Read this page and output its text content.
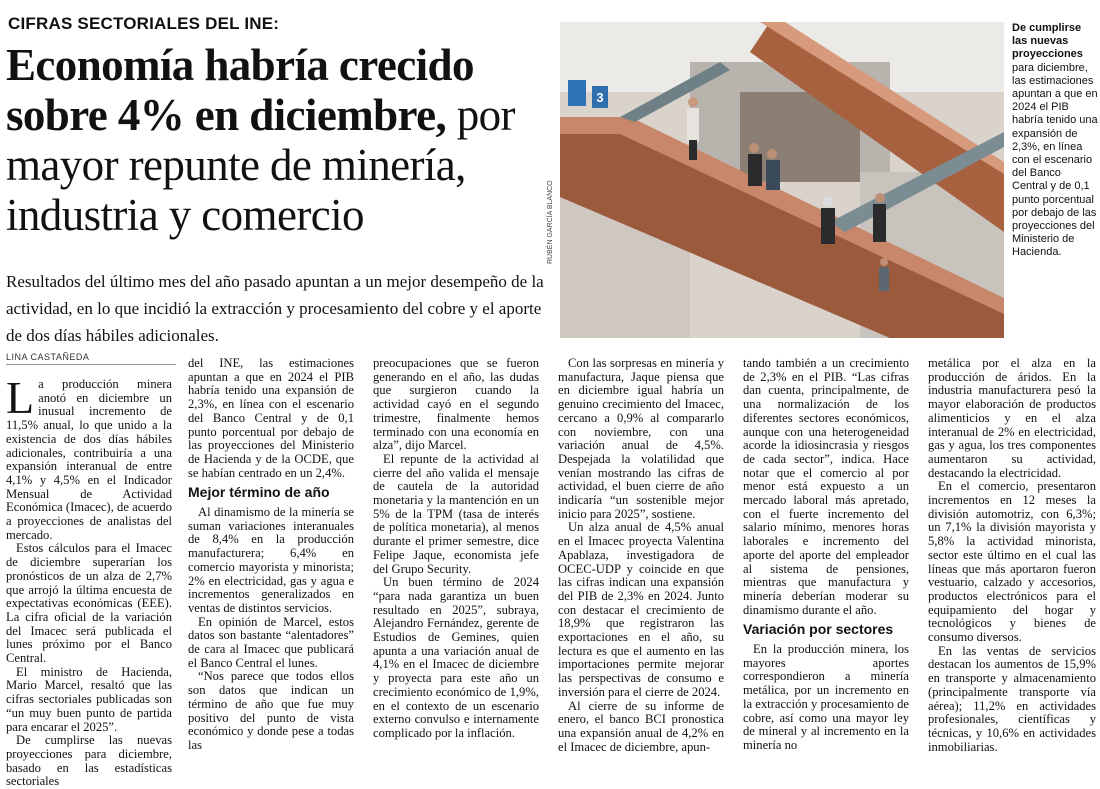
CIFRAS SECTORIALES DEL INE:
Economía habría crecido sobre 4% en diciembre, por mayor repunte de minería, industria y comercio
Resultados del último mes del año pasado apuntan a un mejor desempeño de la actividad, en lo que incidió la extracción y procesamiento del cobre y el aporte de dos días hábiles adicionales.
LINA CASTAÑEDA
3
RUBÉN GARCÍA BLANCO
De cumplirse las nuevas proyecciones
para diciembre, las estimaciones apuntan a que en 2024 el PIB habría tenido una expansión de 2,3%, en línea con el escenario del Banco Central y de 0,1 punto porcentual por debajo de las proyecciones del Ministerio de Hacienda.

La producción minera anotó en diciembre un inusual incremento de 11,5% anual, lo que unido a la existencia de dos días hábiles adicionales, contribuiría a una expansión interanual de entre 4,1% y 4,5% en el Indicador Mensual de Actividad Económica (Imacec), de acuerdo a proyecciones de analistas del mercado.

Estos cálculos para el Imacec de diciembre superarían los pronósticos de un alza de 2,7% que arrojó la última encuesta de expectativas económicas (EEE). La cifra oficial de la variación del Imacec será publicada el lunes próximo por el Banco Central.

El ministro de Hacienda, Mario Marcel, resaltó que las cifras sectoriales publicadas son “un muy buen punto de partida para encarar el 2025”.

De cumplirse las nuevas proyecciones para diciembre, basado en las estadísticas sectoriales

del INE, las estimaciones apuntan a que en 2024 el PIB habría tenido una expansión de 2,3%, en línea con el escenario del Banco Central y de 0,1 punto porcentual por debajo de las proyecciones del Ministerio de Hacienda y de la OCDE, que se habían centrado en un 2,4%.

Mejor término de año

Al dinamismo de la minería se suman variaciones interanuales de 8,4% en la producción manufacturera; 6,4% en comercio mayorista y minorista; 2% en electricidad, gas y agua e incrementos generalizados en ventas de distintos servicios.

En opinión de Marcel, estos datos son bastante “alentadores” de cara al Imacec que publicará el Banco Central el lunes.

“Nos parece que todos ellos son datos que indican un término de año que fue muy positivo del punto de vista económico y donde pese a todas las

preocupaciones que se fueron generando en el año, las dudas que surgieron cuando la actividad cayó en el segundo trimestre, finalmente hemos terminado con una economía en alza”, dijo Marcel.

El repunte de la actividad al cierre del año valida el mensaje de cautela de la autoridad monetaria y la mantención en un 5% de la TPM (tasa de interés de política monetaria), al menos durante el primer semestre, dice Felipe Jaque, economista jefe del Grupo Security.

Un buen término de 2024 “para nada garantiza un buen resultado en 2025”, subraya, Alejandro Fernández, gerente de Estudios de Gemines, quien apunta a una variación anual de 4,1% en el Imacec de diciembre y proyecta para este año un crecimiento económico de 1,9%, en el contexto de un escenario externo convulso e internamente complicado por la inflación.

Con las sorpresas en minería y manufactura, Jaque piensa que en diciembre igual habría un genuino crecimiento del Imacec, cercano a 0,9% al compararlo con noviembre, con una variación anual de 4,5%. Despejada la volatilidad que venían mostrando las cifras de actividad, el buen cierre de año indicaría “un sostenible mejor inicio para 2025”, sostiene.

Un alza anual de 4,5% anual en el Imacec proyecta Valentina Apablaza, investigadora de OCEC-UDP y coincide en que las cifras indican una expansión del PIB de 2,3% en 2024. Junto con destacar el crecimiento de 18,9% que registraron las exportaciones en el año, su lectura es que el aumento en las importaciones permite mejorar las perspectivas de consumo e inversión para el cierre de 2024.

Al cierre de su informe de enero, el banco BCI pronostica una expansión anual de 4,2% en el Imacec de diciembre, apun-

tando también a un crecimiento de 2,3% en el PIB. “Las cifras dan cuenta, principalmente, de una normalización de los diferentes sectores económicos, aunque con una heterogeneidad acorde la idiosincrasia y riesgos de cada sector”, indica. Hace notar que el comercio al por menor está expuesto a un mercado laboral más apretado, con el fuerte incremento del salario mínimo, menores horas laborales e incremento del aporte del aporte del empleador al sistema de pensiones, mientras que manufactura y minería deberían moderar su dinamismo durante el año.

Variación por sectores

En la producción minera, los mayores aportes correspondieron a minería metálica, por un incremento en la extracción y procesamiento de cobre, así como una mayor ley de mineral y al incremento en la minería no

metálica por el alza en la producción de áridos. En la industria manufacturera pesó la mayor elaboración de productos alimenticios y en el alza interanual de 2% en electricidad, gas y agua, los tres componentes aumentaron su actividad, destacando la electricidad.

En el comercio, presentaron incrementos en 12 meses la división automotriz, con 6,3%; un 7,1% la división mayorista y 5,8% la actividad minorista, sector este último en el cual las líneas que más aportaron fueron vestuario, calzado y accesorios, productos electrónicos para el equipamiento del hogar y tecnológicos y bienes de consumo diversos.

En las ventas de servicios destacan los aumentos de 15,9% en transporte y almacenamiento (principalmente transporte vía aérea); 11,2% en actividades profesionales, científicas y técnicas, y 10,6% en actividades inmobiliarias.
